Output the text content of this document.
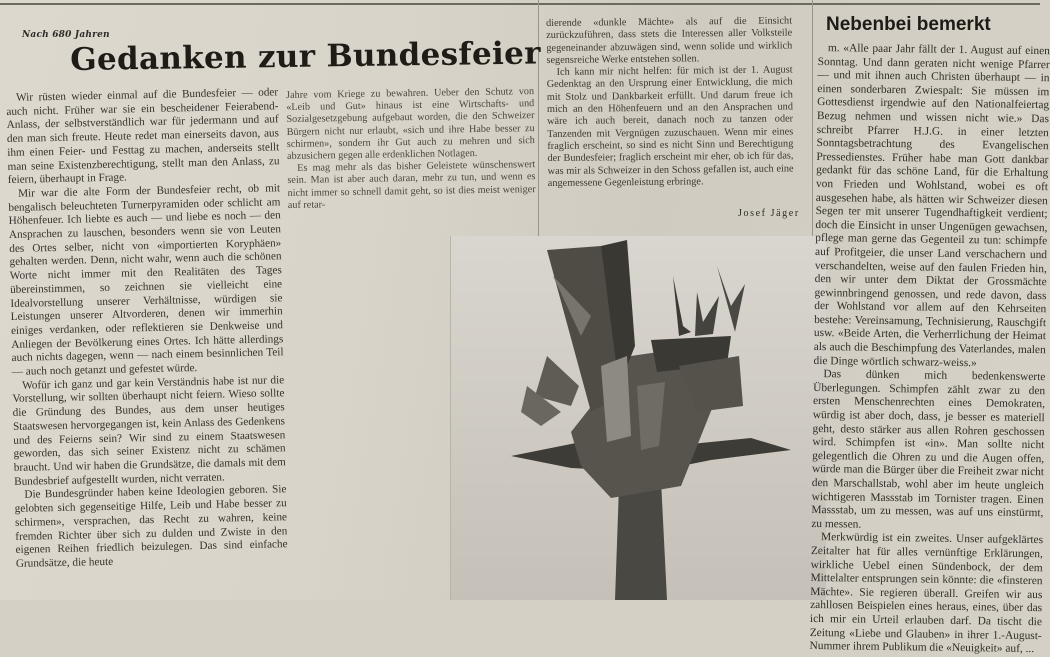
Nach 680 Jahren
Gedanken zur Bundesfeier

Wir rüsten wieder einmal auf die Bundesfeier — oder auch nicht. Früher war sie ein bescheidener Feierabend-Anlass, der selbstverständlich war für jedermann und auf den man sich freute. Heute redet man einerseits davon, aus ihm einen Feier- und Festtag zu machen, anderseits stellt man seine Existenzberechtigung, stellt man den Anlass, zu feiern, überhaupt in Frage.

Mir war die alte Form der Bundesfeier recht, ob mit bengalisch beleuchteten Turnerpyramiden oder schlicht am Höhenfeuer. Ich liebte es auch — und liebe es noch — den Ansprachen zu lauschen, besonders wenn sie von Leuten des Ortes selber, nicht von «importierten Koryphäen» gehalten werden. Denn, nicht wahr, wenn auch die schönen Worte nicht immer mit den Realitäten des Tages übereinstimmen, so zeichnen sie vielleicht eine Idealvorstellung unserer Verhältnisse, würdigen sie Leistungen unserer Altvorderen, denen wir immerhin einiges verdanken, oder reflektieren sie Denkweise und Anliegen der Bevölkerung eines Ortes. Ich hätte allerdings auch nichts dagegen, wenn — nach einem besinnlichen Teil — auch noch getanzt und gefestet würde.

Wofür ich ganz und gar kein Verständnis habe ist nur die Vorstellung, wir sollten überhaupt nicht feiern. Wieso sollte die Gründung des Bundes, aus dem unser heutiges Staatswesen hervorgegangen ist, kein Anlass des Gedenkens und des Feierns sein? Wir sind zu einem Staatswesen geworden, das sich seiner Existenz nicht zu schämen braucht. Und wir haben die Grundsätze, die damals mit dem Bundesbrief aufgestellt wurden, nicht verraten.

Die Bundesgründer haben keine Ideologien geboren. Sie gelobten sich gegenseitige Hilfe, Leib und Habe besser zu schirmen», versprachen, das Recht zu wahren, keine fremden Richter über sich zu dulden und Zwiste in den eigenen Reihen friedlich beizulegen. Das sind einfache Grundsätze, die heute

Jahre vom Kriege zu bewahren. Ueber den Schutz von «Leib und Gut» hinaus ist eine Wirtschafts- und Sozialgesetzgebung aufgebaut worden, die den Schweizer Bürgern nicht nur erlaubt, «sich und ihre Habe besser zu schirmen», sondern ihr Gut auch zu mehren und sich abzusichern gegen alle erdenklichen Notlagen.

Es mag mehr als das bisher Geleistete wünschenswert sein. Man ist aber auch daran, mehr zu tun, und wenn es nicht immer so schnell damit geht, so ist dies meist weniger auf retar-

dierende «dunkle Mächte» als auf die Einsicht zurückzuführen, dass stets die Interessen aller Volksteile gegeneinander abzuwägen sind, wenn solide und wirklich segensreiche Werke entstehen sollen.

Ich kann mir nicht helfen: für mich ist der 1. August Gedenktag an den Ursprung einer Entwicklung, die mich mit Stolz und Dankbarkeit erfüllt. Und darum freue ich mich an den Höhenfeuern und an den Ansprachen und wäre ich auch bereit, danach noch zu tanzen oder Tanzenden mit Vergnügen zuzuschauen. Wenn mir eines fraglich erscheint, so sind es nicht Sinn und Berechtigung der Bundesfeier; fraglich erscheint mir eher, ob ich für das, was mir als Schweizer in den Schoss gefallen ist, auch eine angemessene Gegenleistung erbringe.

Josef Jäger
Nebenbei bemerkt

m. «Alle paar Jahr fällt der 1. August auf einen Sonntag. Und dann geraten nicht wenige Pfarrer — und mit ihnen auch Christen überhaupt — in einen sonderbaren Zwiespalt: Sie müssen im Gottesdienst irgendwie auf den Nationalfeiertag Bezug nehmen und wissen nicht wie.» Das schreibt Pfarrer H.J.G. in einer letzten Sonntagsbetrachtung des Evangelischen Pressedienstes. Früher habe man Gott dankbar gedankt für das schöne Land, für die Erhaltung von Frieden und Wohlstand, wobei es oft ausgesehen habe, als hätten wir Schweizer diesen Segen ter mit unserer Tugendhaftigkeit verdient; doch die Einsicht in unser Ungenügen gewachsen, pflege man gerne das Gegenteil zu tun: schimpfe auf Profitgeier, die unser Land verschachern und verschandelten, weise auf den faulen Frieden hin, den wir unter dem Diktat der Grossmächte gewinnbringend genossen, und rede davon, dass der Wohlstand vor allem auf den Kehrseiten bestehe: Vereinsamung, Technisierung, Rauschgift usw. «Beide Arten, die Verherrlichung der Heimat als auch die Beschimpfung des Vaterlandes, malen die Dinge wörtlich schwarz-weiss.»

Das dünken mich bedenkenswerte Überlegungen. Schimpfen zählt zwar zu den ersten Menschenrechten eines Demokraten, würdig ist aber doch, dass, je besser es materiell geht, desto stärker aus allen Rohren geschossen wird. Schimpfen ist «in». Man sollte nicht gelegentlich die Ohren zu und die Augen offen, würde man die Bürger über die Freiheit zwar nicht den Marschallstab, wohl aber im heute ungleich wichtigeren Massstab im Tornister tragen. Einen Massstab, um zu messen, was auf uns einstürmt, zu messen.

Merkwürdig ist ein zweites. Unser aufgeklärtes Zeitalter hat für alles vernünftige Erklärungen, wirkliche Uebel einen Sündenbock, der dem Mittelalter entsprungen sein könnte: die «finsteren Mächte». Sie regieren überall. Greifen wir aus zahllosen Beispielen eines heraus, eines, über das ich mir ein Urteil erlauben darf. Da tischt die Zeitung «Liebe und Glauben» in ihrer 1.-August-Nummer ihrem Publikum die «Neuigkeit» auf, ...
